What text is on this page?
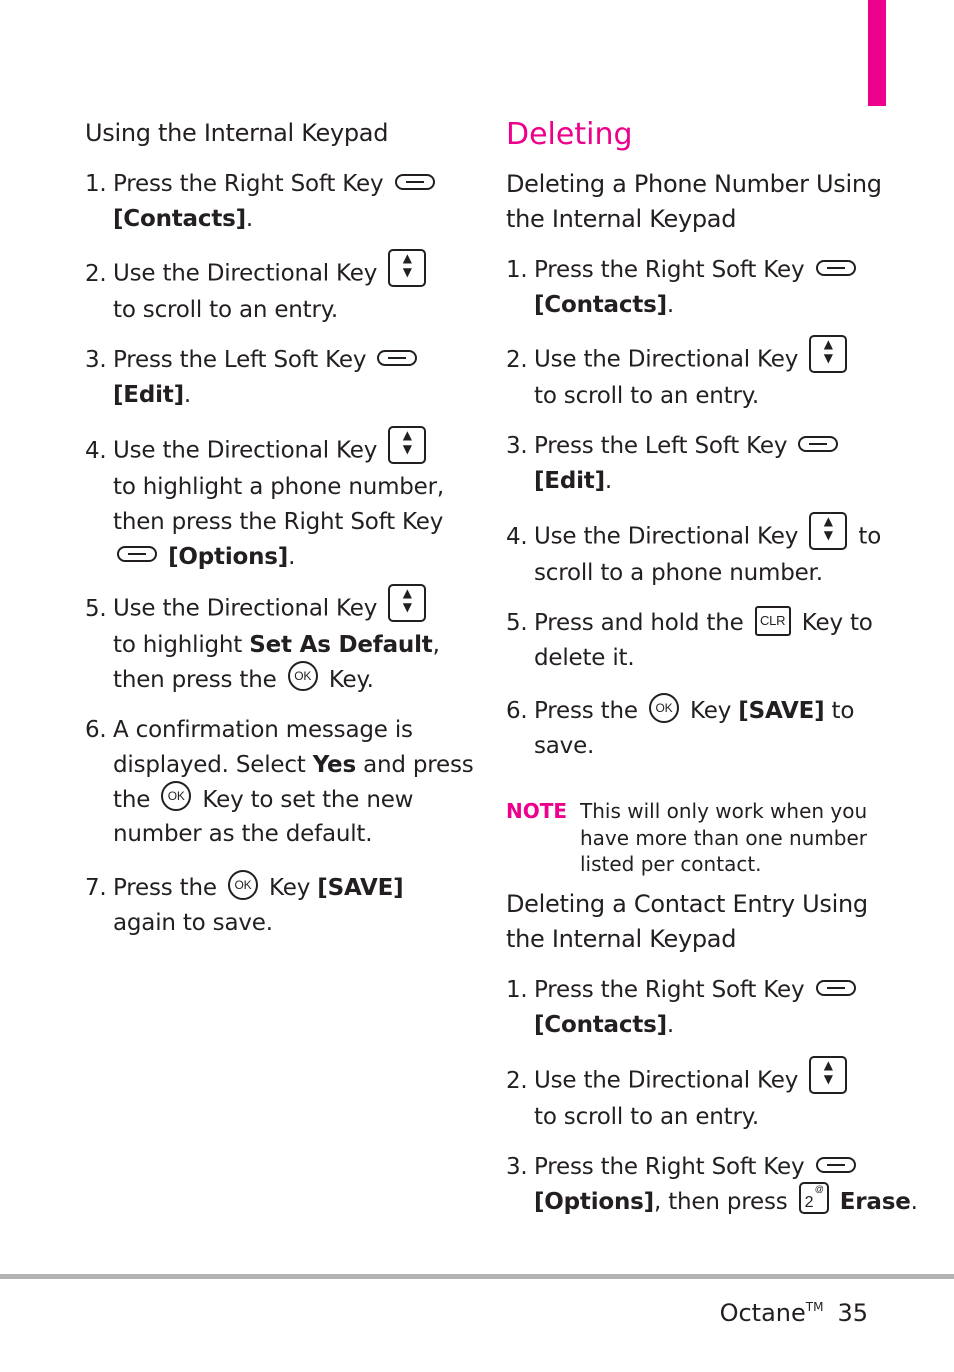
Using the Internal Keypad
1. Press the Right Soft Key
[Contacts].
2. Use the Directional Key
▲
▼
to scroll to an entry.
3. Press the Left Soft Key
[Edit].
4. Use the Directional Key
▲
▼
to highlight a phone number,
then press the Right Soft Key
[Options].
5. Use the Directional Key
▲
▼
to highlight Set As Default,
then press the OK Key.
6. A confirmation message is
displayed. Select Yes and press
the OK Key to set the new
number as the default.
7. Press the OK Key [SAVE]
again to save.
Deleting
Deleting a Phone Number Using
the Internal Keypad
1. Press the Right Soft Key
[Contacts].
2. Use the Directional Key
▲
▼
to scroll to an entry.
3. Press the Left Soft Key
[Edit].
4. Use the Directional Key
▲
▼	to
scroll to a phone number.
5. Press and hold the CLR Key to
delete it.
6. Press the OK Key [SAVE] to
save.
NOTE This will only work when you
have more than one number
listed per contact.
Deleting a Contact Entry Using
the Internal Keypad
1. Press the Right Soft Key
[Contacts].
2. Use the Directional Key
▲
▼
to scroll to an entry.
3. Press the Right Soft Key
[Options], then press	@
2 Erase.
Octane™ 35
